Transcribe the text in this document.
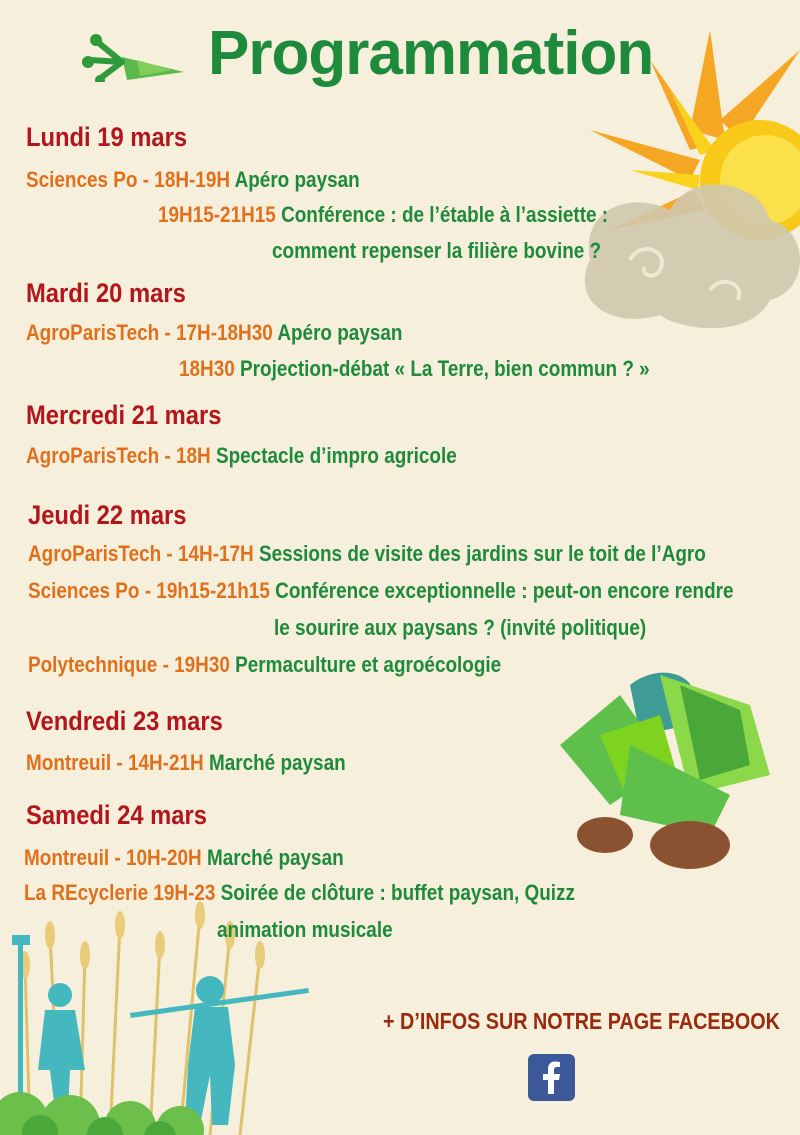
Programmation
Lundi 19 mars
Sciences Po - 18H-19H Apéro paysan
19H15-21H15 Conférence : de l’étable à l’assiette :
comment repenser la filière bovine ?
Mardi 20 mars
AgroParisTech - 17H-18H30 Apéro paysan
18H30 Projection-débat « La Terre, bien commun ? »
Mercredi 21 mars
AgroParisTech - 18H Spectacle d’impro agricole
Jeudi 22 mars
AgroParisTech - 14H-17H Sessions de visite des jardins sur le toit de l’Agro
Sciences Po - 19h15-21h15 Conférence exceptionnelle : peut-on encore rendre
le sourire aux paysans ? (invité politique)
Polytechnique - 19H30 Permaculture et agroécologie
Vendredi 23 mars
Montreuil - 14H-21H Marché paysan
Samedi 24 mars
Montreuil - 10H-20H Marché paysan
La REcyclerie 19H-23 Soirée de clôture : buffet paysan, Quizz
animation musicale
+ D’INFOS SUR NOTRE PAGE FACEBOOK
